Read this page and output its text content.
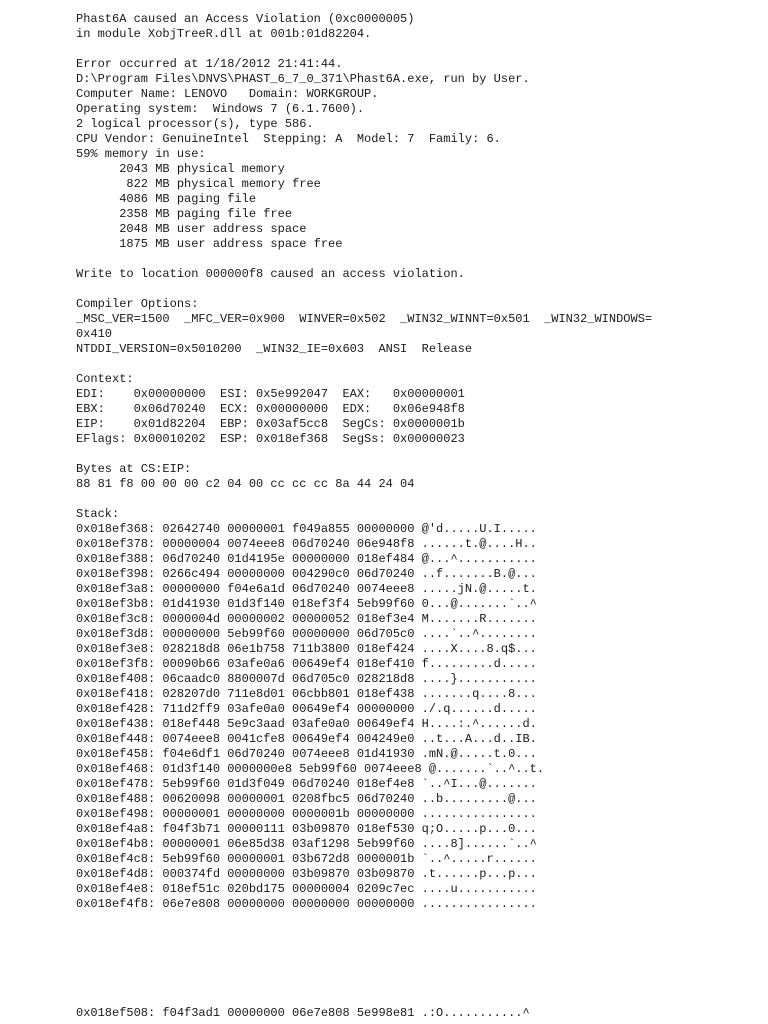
Phast6A caused an Access Violation (0xc0000005)
in module XobjTreeR.dll at 001b:01d82204.
Error occurred at 1/18/2012 21:41:44.
D:\Program Files\DNVS\PHAST_6_7_0_371\Phast6A.exe, run by User.
Computer Name: LENOVO   Domain: WORKGROUP.
Operating system:  Windows 7 (6.1.7600).
2 logical processor(s), type 586.
CPU Vendor: GenuineIntel  Stepping: A  Model: 7  Family: 6.
59% memory in use:
2043 MB physical memory
822 MB physical memory free
4086 MB paging file
2358 MB paging file free
2048 MB user address space
1875 MB user address space free
Write to location 000000f8 caused an access violation.
Compiler Options:
_MSC_VER=1500  _MFC_VER=0x900  WINVER=0x502  _WIN32_WINNT=0x501  _WIN32_WINDOWS=
0x410
NTDDI_VERSION=0x5010200  _WIN32_IE=0x603  ANSI  Release
Context:
EDI:    0x00000000  ESI: 0x5e992047  EAX:   0x00000001
EBX:    0x06d70240  ECX: 0x00000000  EDX:   0x06e948f8
EIP:    0x01d82204  EBP: 0x03af5cc8  SegCs: 0x0000001b
EFlags: 0x00010202  ESP: 0x018ef368  SegSs: 0x00000023
Bytes at CS:EIP:
88 81 f8 00 00 00 c2 04 00 cc cc cc 8a 44 24 04
Stack:
0x018ef368: 02642740 00000001 f049a855 00000000 @'d.....U.I.....
0x018ef378: 00000004 0074eee8 06d70240 06e948f8 ......t.@....H..
0x018ef388: 06d70240 01d4195e 00000000 018ef484 @...^...........
0x018ef398: 0266c494 00000000 004290c0 06d70240 ..f.......B.@...
0x018ef3a8: 00000000 f04e6a1d 06d70240 0074eee8 .....jN.@.....t.
0x018ef3b8: 01d41930 01d3f140 018ef3f4 5eb99f60 0...@.......`..^
0x018ef3c8: 0000004d 00000002 00000052 018ef3e4 M.......R.......
0x018ef3d8: 00000000 5eb99f60 00000000 06d705c0 ....`..^........
0x018ef3e8: 028218d8 06e1b758 711b3800 018ef424 ....X....8.q$...
0x018ef3f8: 00090b66 03afe0a6 00649ef4 018ef410 f.........d.....
0x018ef408: 06caadc0 8800007d 06d705c0 028218d8 ....}...........
0x018ef418: 028207d0 711e8d01 06cbb801 018ef438 .......q....8...
0x018ef428: 711d2ff9 03afe0a0 00649ef4 00000000 ./.q......d.....
0x018ef438: 018ef448 5e9c3aad 03afe0a0 00649ef4 H....:.^......d.
0x018ef448: 0074eee8 0041cfe8 00649ef4 004249e0 ..t...A...d..IB.
0x018ef458: f04e6df1 06d70240 0074eee8 01d41930 .mN.@.....t.0...
0x018ef468: 01d3f140 0000000e8 5eb99f60 0074eee8 @.......`..^..t.
0x018ef478: 5eb99f60 01d3f049 06d70240 018ef4e8 `..^I...@.......
0x018ef488: 00620098 00000001 0208fbc5 06d70240 ..b.........@...
0x018ef498: 00000001 00000000 0000001b 00000000 ................
0x018ef4a8: f04f3b71 00000111 03b09870 018ef530 q;O.....p...0...
0x018ef4b8: 00000001 06e85d38 03af1298 5eb99f60 ....8]......`..^
0x018ef4c8: 5eb99f60 00000001 03b672d8 0000001b `..^.....r......
0x018ef4d8: 000374fd 00000000 03b09870 03b09870 .t......p...p...
0x018ef4e8: 018ef51c 020bd175 00000004 0209c7ec ....u...........
0x018ef4f8: 06e7e808 00000000 00000000 00000000 ................
0x018ef508: f04f3ad1 00000000 06e7e808 5e998e81 .:O...........^
